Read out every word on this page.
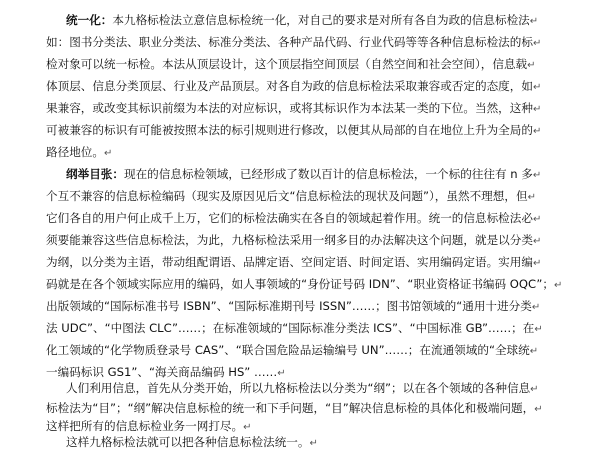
统一化：本九格标检法立意信息标检统一化，对自己的要求是对所有各自为政的信息标检法↵
如：图书分类法、职业分类法、标准分类法、各种产品代码、行业代码等等各种信息标检法的标↵
检对象可以统一标检。本法从顶层设计，这个顶层指空间顶层（自然空间和社会空间），信息载↵
体顶层、信息分类顶层、行业及产品顶层。对各自为政的信息标检法采取兼容或否定的态度，如↵
果兼容，或改变其标识前缀为本法的对应标识，或将其标识作为本法某一类的下位。当然，这种↵
可被兼容的标识有可能被按照本法的标引规则进行修改，以便其从局部的自在地位上升为全局的↵
路径地位。↵
纲举目张：现在的信息标检领域，已经形成了数以百计的信息标检法，一个标的往往有 n 多↵
个互不兼容的信息标检编码（现实及原因见后文“信息标检法的现状及问题”），虽然不理想，但↵
它们各自的用户何止成千上万，它们的标检法确实在各自的领域起着作用。统一的信息标检法必↵
须要能兼容这些信息标检法，为此，九格标检法采用一纲多目的办法解决这个问题，就是以分类↵
为纲，以分类为主语，带动组配谓语、品牌定语、空间定语、时间定语、实用编码定语。实用编↵
码就是在各个领域实际应用的编码，如人事领域的“身份证号码 IDN”、“职业资格证书编码 OQC”；↵
出版领域的“国际标准书号 ISBN”、“国际标准期刊号 ISSN”……；图书馆领域的“通用十进分类↵
法 UDC”、“中图法 CLC”……；在标准领域的“国际标准分类法 ICS”、“中国标准 GB”……；在↵
化工领域的“化学物质登录号 CAS”、“联合国危险品运输编号 UN”……；在流通领域的“全球统↵
一编码标识 GS1”、“海关商品编码 HS” ……↵
人们利用信息，首先从分类开始，所以九格标检法以分类为“纲”；以在各个领域的各种信息↵
标检法为“目”；“纲”解决信息标检的统一和下手问题，“目”解决信息标检的具体化和极端问题，↵
这样把所有的信息标检业务一网打尽。↵
这样九格标检法就可以把各种信息标检法统一。↵
